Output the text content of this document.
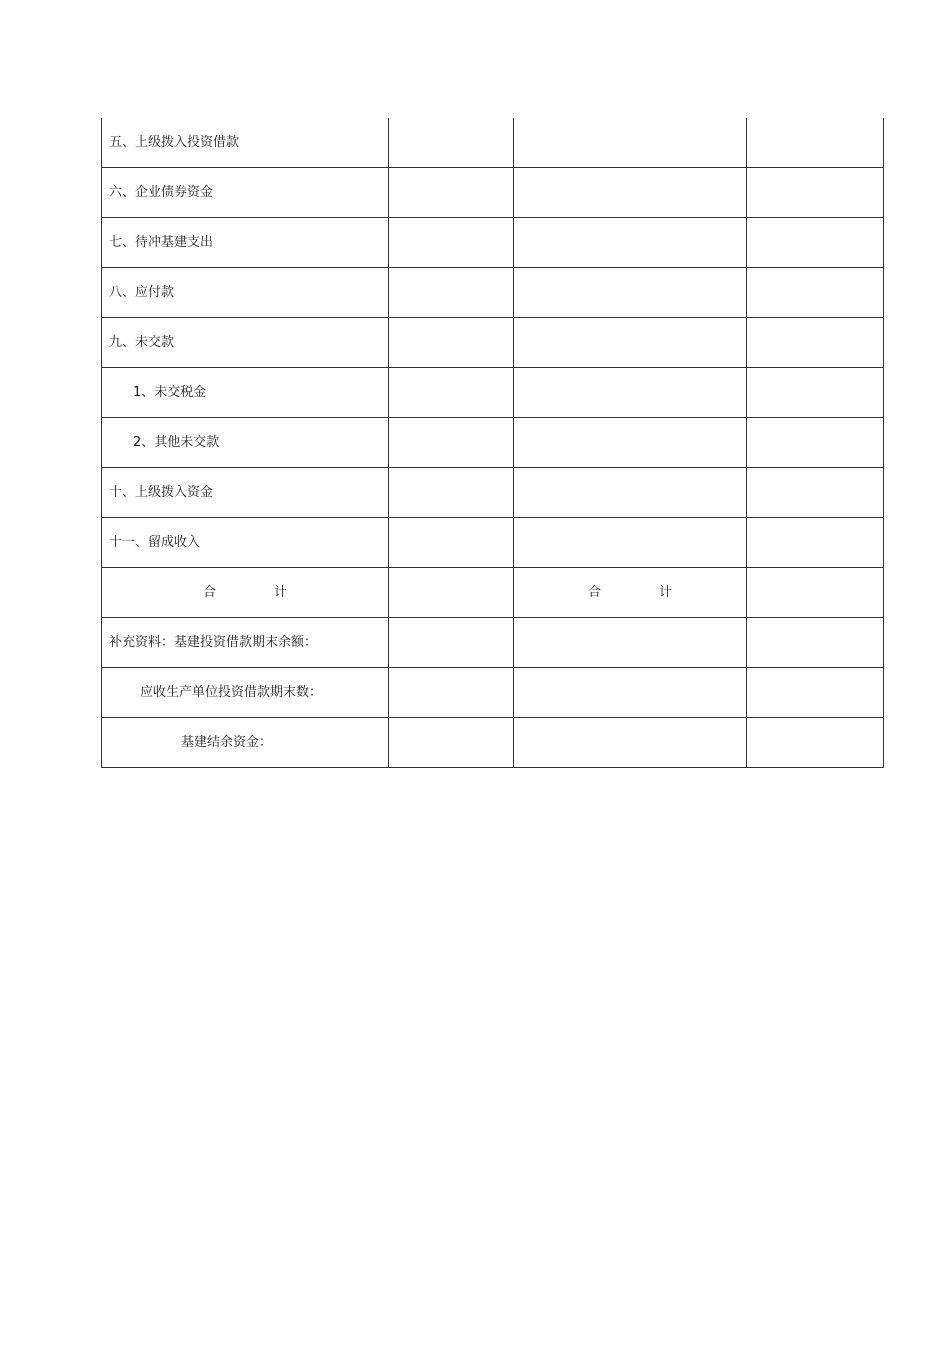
五、上级拨入投资借款			
六、企业债券资金			
七、待冲基建支出			
八、应付款			
九、未交款			
1、未交税金			
2、其他未交款			
十、上级拨入资金			
十一、留成收入			
合 计		合 计	
补充资料：基建投资借款期末余额：			
应收生产单位投资借款期末数：			
基建结余资金：			
